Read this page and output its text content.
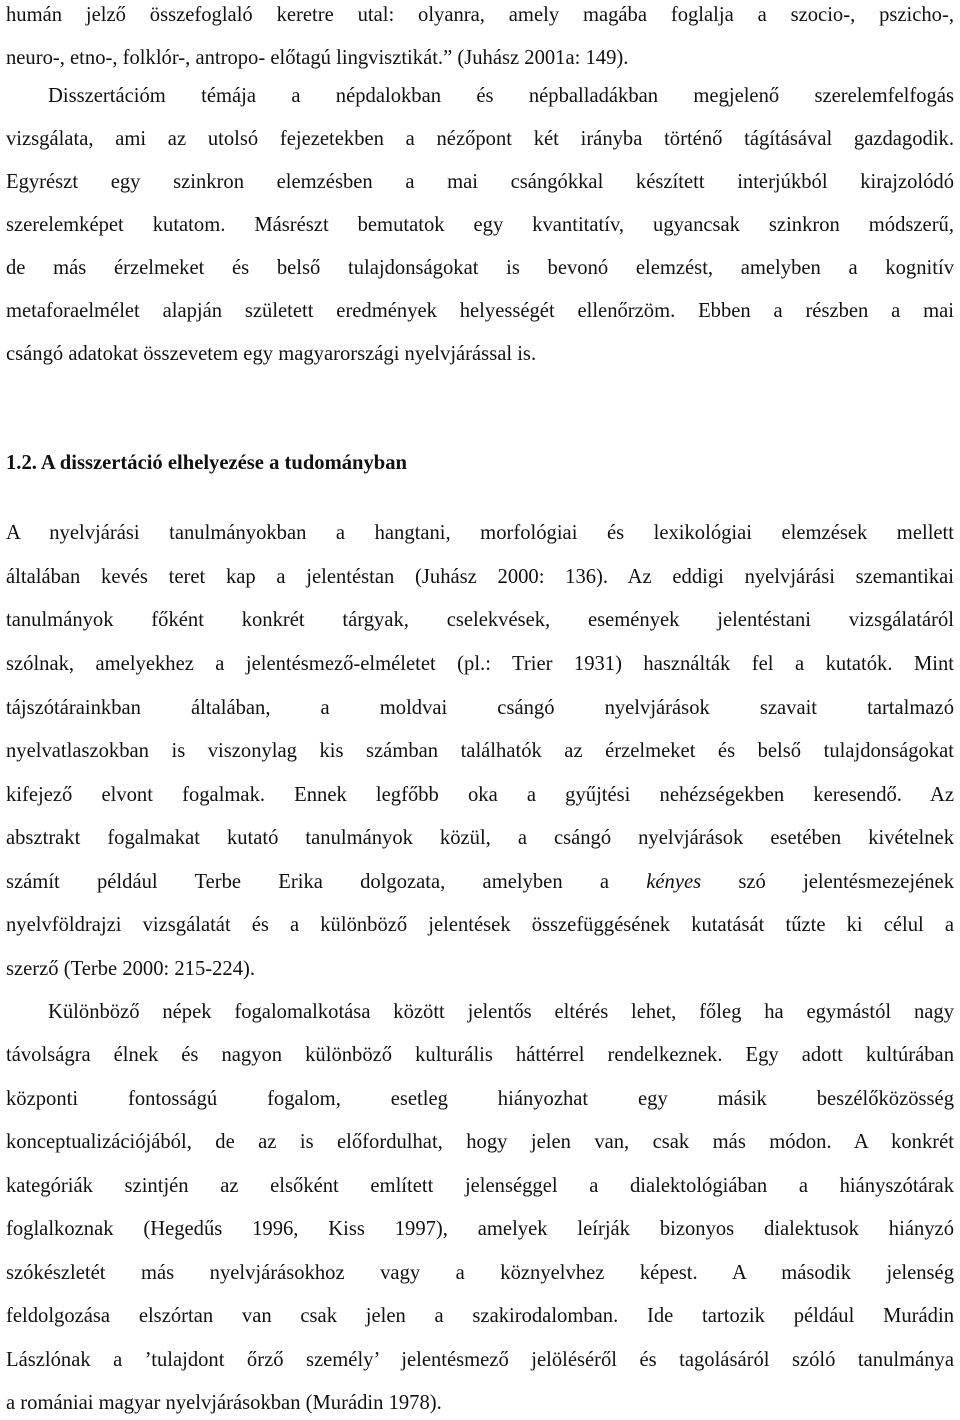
humán jelző összefoglaló keretre utal: olyanra, amely magába foglalja a szocio-, pszicho-,
neuro-, etno-, folklór-, antropo- előtagú lingvisztikát.” (Juhász 2001a: 149).
Disszertációm témája a népdalokban és népballadákban megjelenő szerelemfelfogás
vizsgálata, ami az utolsó fejezetekben a nézőpont két irányba történő tágításával gazdagodik.
Egyrészt egy szinkron elemzésben a mai csángókkal készített interjúkból kirajzolódó
szerelemképet kutatom. Másrészt bemutatok egy kvantitatív, ugyancsak szinkron módszerű,
de más érzelmeket és belső tulajdonságokat is bevonó elemzést, amelyben a kognitív
metaforaelmélet alapján született eredmények helyességét ellenőrzöm. Ebben a részben a mai
csángó adatokat összevetem egy magyarországi nyelvjárással is.
1.2. A disszertáció elhelyezése a tudományban
A nyelvjárási tanulmányokban a hangtani, morfológiai és lexikológiai elemzések mellett
általában kevés teret kap a jelentéstan (Juhász 2000: 136). Az eddigi nyelvjárási szemantikai
tanulmányok főként konkrét tárgyak, cselekvések, események jelentéstani vizsgálatáról
szólnak, amelyekhez a jelentésmező-elméletet (pl.: Trier 1931) használták fel a kutatók. Mint
tájszótárainkban általában, a moldvai csángó nyelvjárások szavait tartalmazó
nyelvatlaszokban is viszonylag kis számban találhatók az érzelmeket és belső tulajdonságokat
kifejező elvont fogalmak. Ennek legfőbb oka a gyűjtési nehézségekben keresendő. Az
absztrakt fogalmakat kutató tanulmányok közül, a csángó nyelvjárások esetében kivételnek
számít például Terbe Erika dolgozata, amelyben a kényes szó jelentésmezejének
nyelvföldrajzi vizsgálatát és a különböző jelentések összefüggésének kutatását tűzte ki célul a
szerző (Terbe 2000: 215-224).
Különböző népek fogalomalkotása között jelentős eltérés lehet, főleg ha egymástól nagy
távolságra élnek és nagyon különböző kulturális háttérrel rendelkeznek. Egy adott kultúrában
központi fontosságú fogalom, esetleg hiányozhat egy másik beszélőközösség
konceptualizációjából, de az is előfordulhat, hogy jelen van, csak más módon. A konkrét
kategóriák szintjén az elsőként említett jelenséggel a dialektológiában a hiányszótárak
foglalkoznak (Hegedűs 1996, Kiss 1997), amelyek leírják bizonyos dialektusok hiányzó
szókészletét más nyelvjárásokhoz vagy a köznyelvhez képest. A második jelenség
feldolgozása elszórtan van csak jelen a szakirodalomban. Ide tartozik például Murádin
Lászlónak a ’tulajdont őrző személy’ jelentésmező jelöléséről és tagolásáról szóló tanulmánya
a romániai magyar nyelvjárásokban (Murádin 1978).
